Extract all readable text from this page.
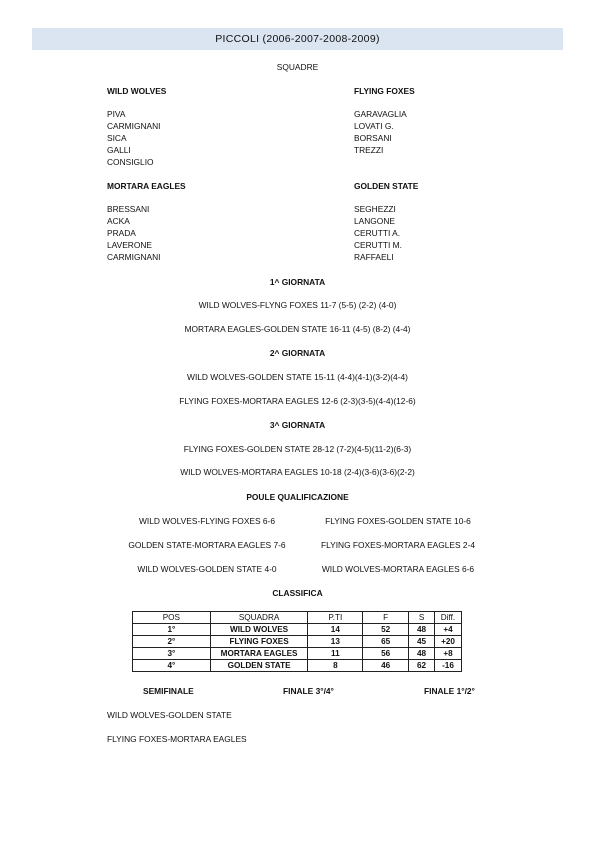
PICCOLI (2006-2007-2008-2009)
SQUADRE
WILD WOLVES
PIVA
CARMIGNANI
SICA
GALLI
CONSIGLIO
FLYING FOXES
GARAVAGLIA
LOVATI G.
BORSANI
TREZZI
MORTARA EAGLES
BRESSANI
ACKA
PRADA
LAVERONE
CARMIGNANI
GOLDEN STATE
SEGHEZZI
LANGONE
CERUTTI A.
CERUTTI M.
RAFFAELI
1^ GIORNATA
WILD WOLVES-FLYNG FOXES 11-7 (5-5) (2-2) (4-0)
MORTARA EAGLES-GOLDEN STATE 16-11 (4-5) (8-2) (4-4)
2^ GIORNATA
WILD WOLVES-GOLDEN STATE 15-11 (4-4)(4-1)(3-2)(4-4)
FLYING FOXES-MORTARA EAGLES 12-6 (2-3)(3-5)(4-4)(12-6)
3^ GIORNATA
FLYING FOXES-GOLDEN STATE 28-12 (7-2)(4-5)(11-2)(6-3)
WILD WOLVES-MORTARA EAGLES 10-18 (2-4)(3-6)(3-6)(2-2)
POULE QUALIFICAZIONE
WILD WOLVES-FLYING FOXES 6-6
GOLDEN STATE-MORTARA EAGLES 7-6
WILD WOLVES-GOLDEN STATE 4-0
FLYING FOXES-GOLDEN STATE 10-6
FLYING FOXES-MORTARA EAGLES 2-4
WILD WOLVES-MORTARA EAGLES 6-6
CLASSIFICA
POS	SQUADRA	P.TI	F	S	Diff.
1°	WILD WOLVES	14	52	48	+4
2°	FLYING FOXES	13	65	45	+20
3°	MORTARA EAGLES	11	56	48	+8
4°	GOLDEN STATE	8	46	62	-16
SEMIFINALE	FINALE 3°/4°	FINALE 1°/2°
WILD WOLVES-GOLDEN STATE
FLYING FOXES-MORTARA EAGLES
